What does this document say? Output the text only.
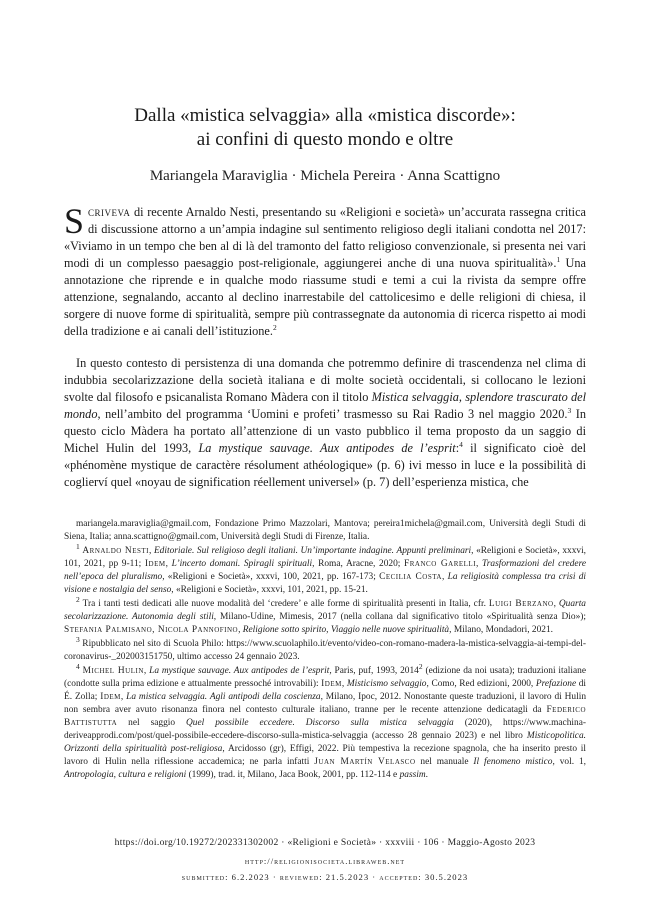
Dalla «mistica selvaggia» alla «mistica discorde»:
ai confini di questo mondo e oltre
Mariangela Maraviglia · Michela Pereira · Anna Scattigno

Scriveva di recente Arnaldo Nesti, presentando su «Religioni e società» un’accurata rassegna critica di discussione attorno a un’ampia indagine sul sentimento religioso degli italiani condotta nel 2017: «Viviamo in un tempo che ben al di là del tramonto del fatto religioso convenzionale, si presenta nei vari modi di un complesso paesaggio post-religionale, aggiungerei anche di una nuova spiritualità».$^1$ Una annotazione che riprende e in qualche modo riassume studi e temi a cui la rivista da sempre offre attenzione, segnalando, accanto al declino inarrestabile del cattolicesimo e delle religioni di chiesa, il sorgere di nuove forme di spiritualità, sempre più contrassegnate da autonomia di ricerca rispetto ai modi della tradizione e ai canali dell’istituzione.$^2$

In questo contesto di persistenza di una domanda che potremmo definire di trascendenza nel clima di indubbia secolarizzazione della società italiana e di molte società occidentali, si collocano le lezioni svolte dal filosofo e psicanalista Romano Màdera con il titolo Mistica selvaggia, splendore trascurato del mondo, nell’ambito del programma ‘Uomini e profeti’ trasmesso su Rai Radio 3 nel maggio 2020.$^3$ In questo ciclo Màdera ha portato all’attenzione di un vasto pubblico il tema proposto da un saggio di Michel Hulin del 1993, La mystique sauvage. Aux antipodes de l’esprit:$^4$ il significato cioè del «phénomène mystique de caractère résolument athéologique» (p. 6) ivi messo in luce e la possibilità di coglierví quel «noyau de signification réellement universel» (p. 7) dell’esperienza mistica, che

mariangela.maraviglia@gmail.com, Fondazione Primo Mazzolari, Mantova; pereira1michela@gmail.com, Università degli Studi di Siena, Italia; anna.scattigno@gmail.com, Università degli Studi di Firenze, Italia.

$^1$ Arnaldo Nesti, Editoriale. Sul religioso degli italiani. Un’importante indagine. Appunti preliminari, «Religioni e Società», xxxvi, 101, 2021, pp 9-11; Idem, L’incerto domani. Spiragli spirituali, Roma, Aracne, 2020; Franco Garelli, Trasformazioni del credere nell’epoca del pluralismo, «Religioni e Società», xxxvi, 100, 2021, pp. 167-173; Cecilia Costa, La religiosità complessa tra crisi di visione e nostalgia del senso, «Religioni e Società», xxxvi, 101, 2021, pp. 15-21.

$^2$ Tra i tanti testi dedicati alle nuove modalità del ‘credere’ e alle forme di spiritualità presenti in Italia, cfr. Luigi Berzano, Quarta secolarizzazione. Autonomia degli stili, Milano-Udine, Mimesis, 2017 (nella collana dal significativo titolo «Spiritualità senza Dio»); Stefania Palmisano, Nicola Pannofino, Religione sotto spirito, Viaggio nelle nuove spiritualità, Milano, Mondadori, 2021.

$^3$ Ripubblicato nel sito di Scuola Philo: https://www.scuolaphilo.it/evento/video-con-romano-madera-la-mistica-selvaggia-ai-tempi-del-coronavirus-_202003151750, ultimo accesso 24 gennaio 2023.

$^4$ Michel Hulin, La mystique sauvage. Aux antipodes de l’esprit, Paris, puf, 1993, 2014$^2$ (edizione da noi usata); traduzioni italiane (condotte sulla prima edizione e attualmente pressoché introvabili): Idem, Misticismo selvaggio, Como, Red edizioni, 2000, Prefazione di É. Zolla; Idem, La mistica selvaggia. Agli antipodi della coscienza, Milano, Ipoc, 2012. Nonostante queste traduzioni, il lavoro di Hulin non sembra aver avuto risonanza finora nel contesto culturale italiano, tranne per le recente attenzione dedicatagli da Federico Battistutta nel saggio Quel possibile eccedere. Discorso sulla mistica selvaggia (2020), https://www.machina-deriveapprodi.com/post/quel-possibile-eccedere-discorso-sulla-mistica-selvaggia (accesso 28 gennaio 2023) e nel libro Misticopolitica. Orizzonti della spiritualità post-religiosa, Arcidosso (gr), Effigi, 2022. Più tempestiva la recezione spagnola, che ha inserito presto il lavoro di Hulin nella riflessione accademica; ne parla infatti Juan Martín Velasco nel manuale Il fenomeno mistico, vol. 1, Antropologia, cultura e religioni (1999), trad. it, Milano, Jaca Book, 2001, pp. 112-114 e passim.

https://doi.org/10.19272/202331302002 · «Religioni e Società» · xxxviii · 106 · Maggio-Agosto 2023
http://religionisocieta.libraweb.net
submitted: 6.2.2023 · reviewed: 21.5.2023 · accepted: 30.5.2023
